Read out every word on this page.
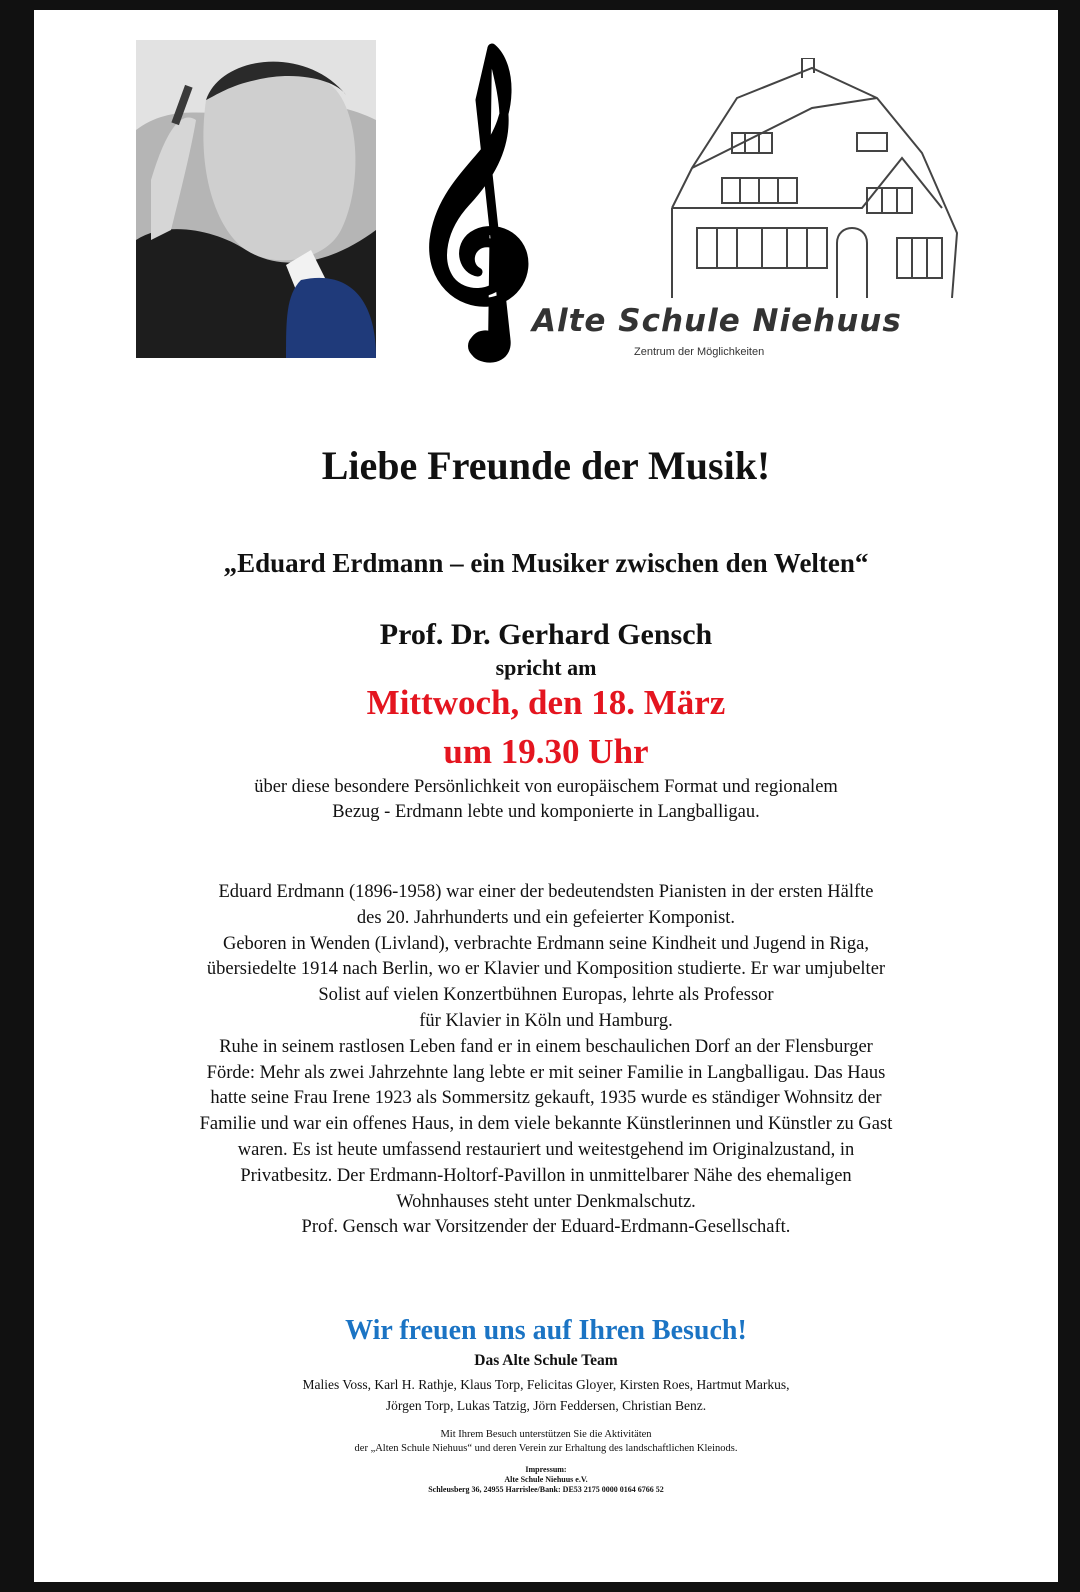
Alte Schule Niehuus
Zentrum der Möglichkeiten
Liebe Freunde der Musik!
„Eduard Erdmann – ein Musiker zwischen den Welten“
Prof. Dr. Gerhard Gensch
spricht am
Mittwoch, den 18. März
um 19.30 Uhr
über diese besondere Persönlichkeit von europäischem Format und regionalem
Bezug - Erdmann lebte und komponierte in Langballigau.
Eduard Erdmann (1896-1958) war einer der bedeutendsten Pianisten in der ersten Hälfte
des 20. Jahrhunderts und ein gefeierter Komponist.
Geboren in Wenden (Livland), verbrachte Erdmann seine Kindheit und Jugend in Riga,
übersiedelte 1914 nach Berlin, wo er Klavier und Komposition studierte. Er war umjubelter
Solist auf vielen Konzertbühnen Europas, lehrte als Professor
für Klavier in Köln und Hamburg.
Ruhe in seinem rastlosen Leben fand er in einem beschaulichen Dorf an der Flensburger
Förde: Mehr als zwei Jahrzehnte lang lebte er mit seiner Familie in Langballigau. Das Haus
hatte seine Frau Irene 1923 als Sommersitz gekauft, 1935 wurde es ständiger Wohnsitz der
Familie und war ein offenes Haus, in dem viele bekannte Künstlerinnen und Künstler zu Gast
waren. Es ist heute umfassend restauriert und weitestgehend im Originalzustand, in
Privatbesitz. Der Erdmann-Holtorf-Pavillon in unmittelbarer Nähe des ehemaligen
Wohnhauses steht unter Denkmalschutz.
Prof. Gensch war Vorsitzender der Eduard-Erdmann-Gesellschaft.
Wir freuen uns auf Ihren Besuch!
Das Alte Schule Team
Malies Voss, Karl H. Rathje, Klaus Torp, Felicitas Gloyer, Kirsten Roes, Hartmut Markus,
Jörgen Torp, Lukas Tatzig, Jörn Feddersen, Christian Benz.
Mit Ihrem Besuch unterstützen Sie die Aktivitäten
der „Alten Schule Niehuus“ und deren Verein zur Erhaltung des landschaftlichen Kleinods.
Impressum:
Alte Schule Niehuus e.V.
Schleusberg 36, 24955 Harrislee/Bank: DE53 2175 0000 0164 6766 52
